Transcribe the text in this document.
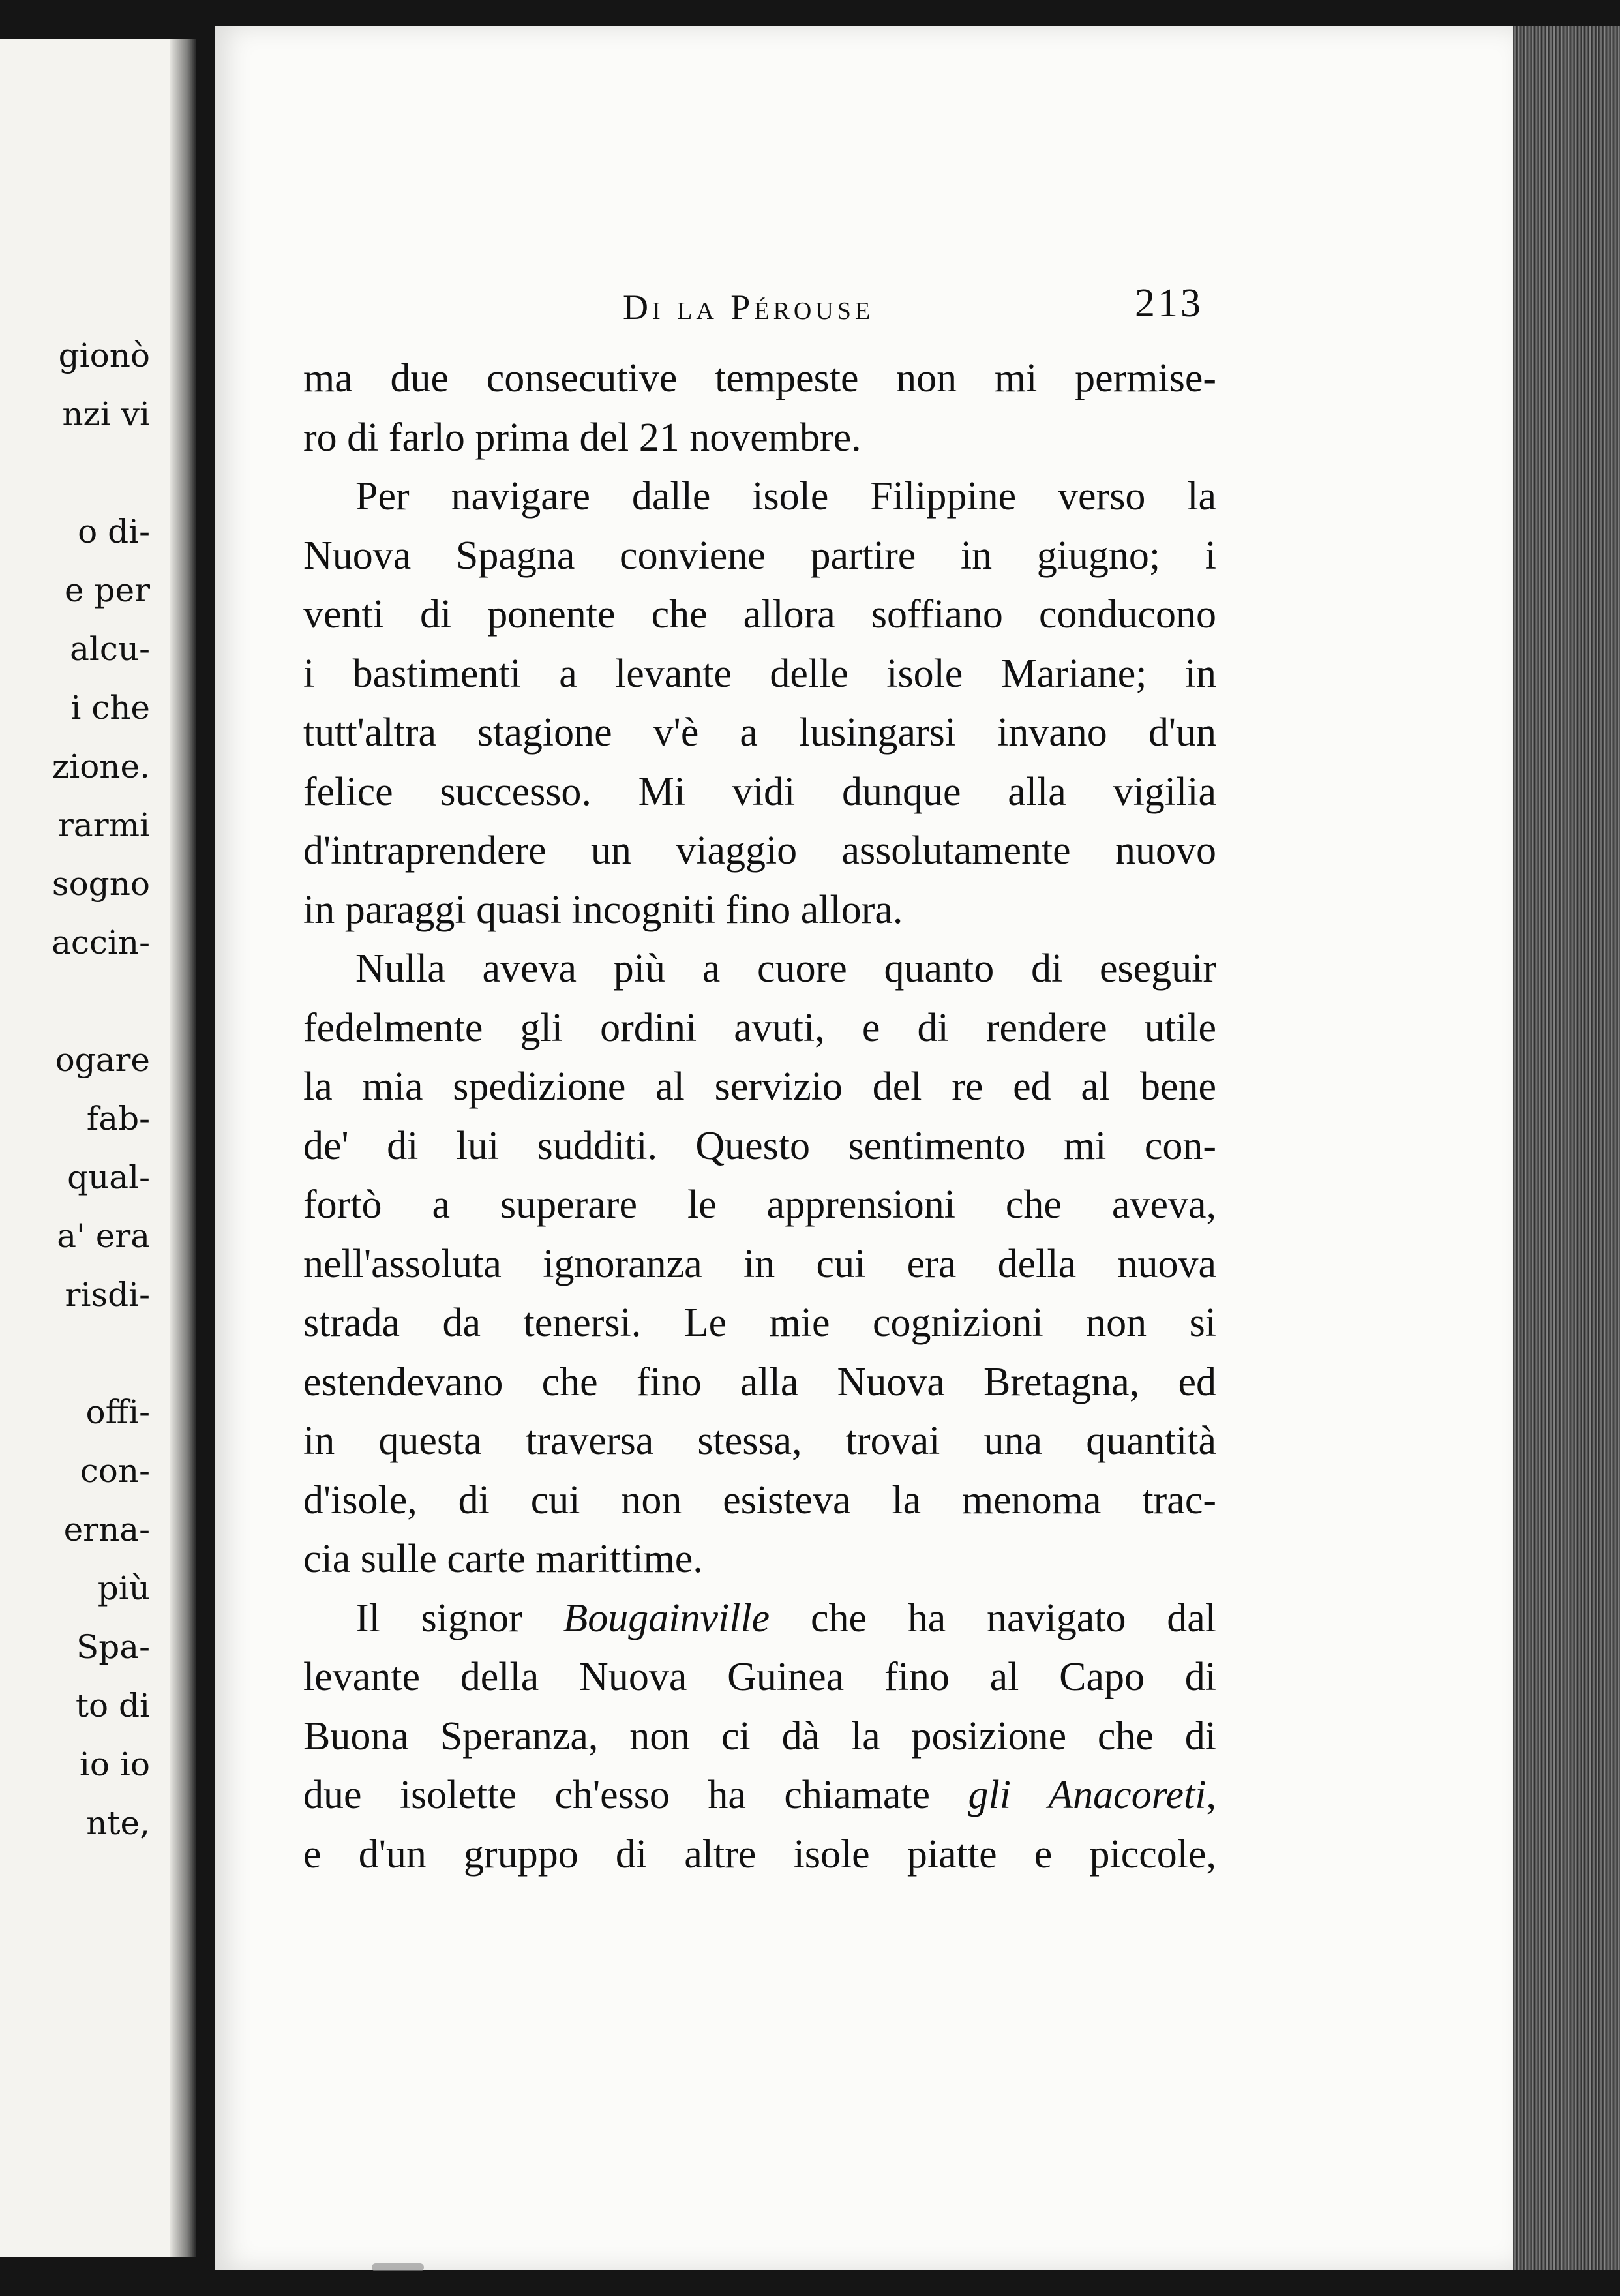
gionò
nzi vi
o di-
e per
alcu-
i che
zione.
rarmi
sogno
accin-
ogare
fab-
qual-
a' era
risdi-
offi-
con-
erna-
più
Spa-
to di
io io
nte,
Di la Pérouse	213
ma due consecutive tempeste non mi permise-
ro di farlo prima del 21 novembre.
Per navigare dalle isole Filippine verso la
Nuova Spagna conviene partire in giugno; i
venti di ponente che allora soffiano conducono
i bastimenti a levante delle isole Mariane; in
tutt'altra stagione v'è a lusingarsi invano d'un
felice successo. Mi vidi dunque alla vigilia
d'intraprendere un viaggio assolutamente nuovo
in paraggi quasi incogniti fino allora.
Nulla aveva più a cuore quanto di eseguir
fedelmente gli ordini avuti, e di rendere utile
la mia spedizione al servizio del re ed al bene
de' di lui sudditi. Questo sentimento mi con-
fortò a superare le apprensioni che aveva,
nell'assoluta ignoranza in cui era della nuova
strada da tenersi. Le mie cognizioni non si
estendevano che fino alla Nuova Bretagna, ed
in questa traversa stessa, trovai una quantità
d'isole, di cui non esisteva la menoma trac-
cia sulle carte marittime.
Il signor Bougainville che ha navigato dal
levante della Nuova Guinea fino al Capo di
Buona Speranza, non ci dà la posizione che di
due isolette ch'esso ha chiamate gli Anacoreti,
e d'un gruppo di altre isole piatte e piccole,
